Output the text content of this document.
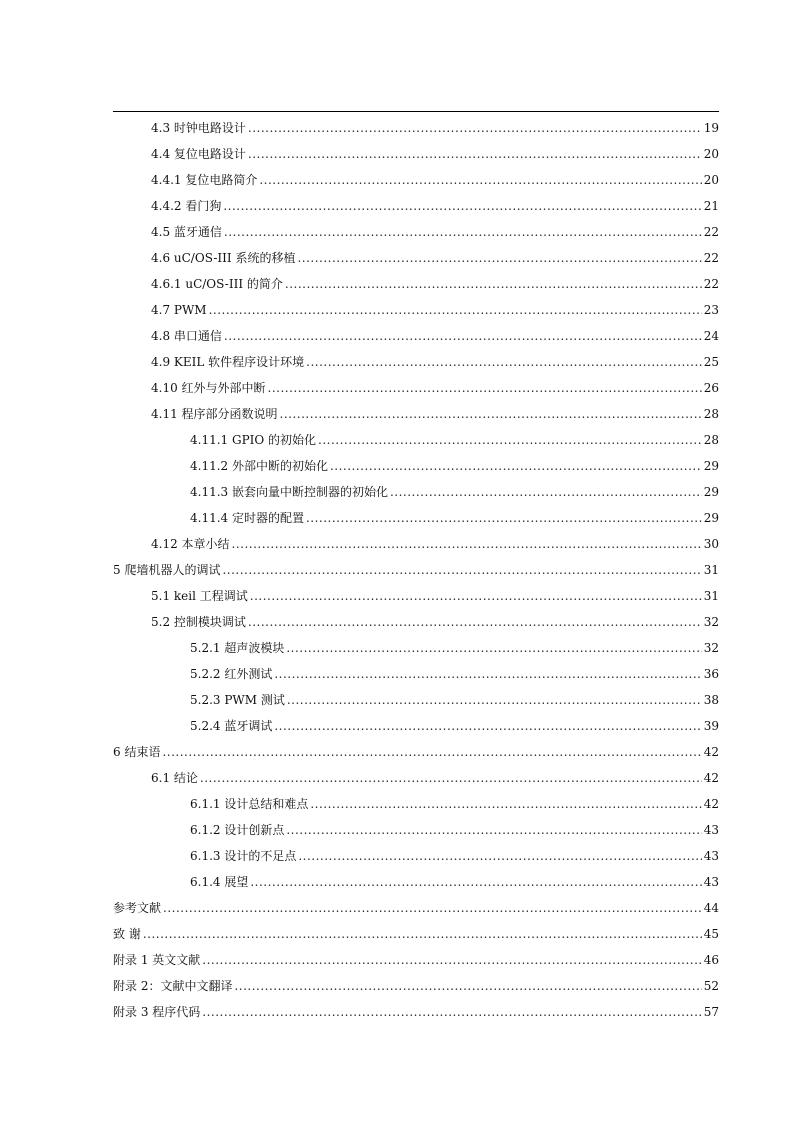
4.3 时钟电路设计 .....	19
4.4 复位电路设计 .....	20
4.4.1 复位电路简介 .....	20
4.4.2 看门狗 .....	21
4.5 蓝牙通信 .....	22
4.6 uC/OS-III 系统的移植 .....	22
4.6.1 uC/OS-III 的简介 .....	22
4.7 PWM .....	23
4.8 串口通信 .....	24
4.9 KEIL 软件程序设计环境 .....	25
4.10 红外与外部中断 .....	26
4.11 程序部分函数说明 .....	28
4.11.1 GPIO 的初始化 .....	28
4.11.2 外部中断的初始化 .....	29
4.11.3 嵌套向量中断控制器的初始化 .....	29
4.11.4 定时器的配置 .....	29
4.12 本章小结 .....	30
5 爬墙机器人的调试 .....	31
5.1 keil 工程调试 .....	31
5.2 控制模块调试 .....	32
5.2.1 超声波模块 .....	32
5.2.2 红外测试 .....	36
5.2.3 PWM 测试 .....	38
5.2.4 蓝牙调试 .....	39
6 结束语 .....	42
6.1 结论 .....	42
6.1.1 设计总结和难点 .....	42
6.1.2 设计创新点 .....	43
6.1.3 设计的不足点 .....	43
6.1.4 展望 .....	43
参考文献 .....	44
致 谢 .....	45
附录 1 英文文献 .....	46
附录 2：文献中文翻译 .....	52
附录 3 程序代码 .....	57
